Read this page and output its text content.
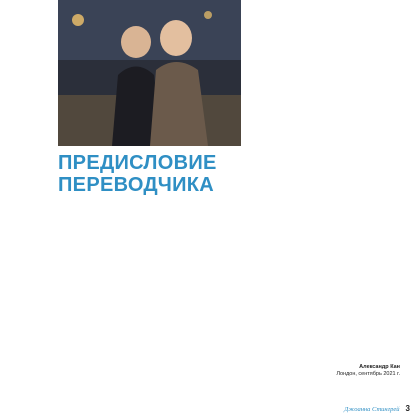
ПРЕДИСЛОВИЕ ПЕРЕВОДЧИКА
Александр Кан
Лондон, сентябрь 2021 г.
Джоанна Стингрей 3
